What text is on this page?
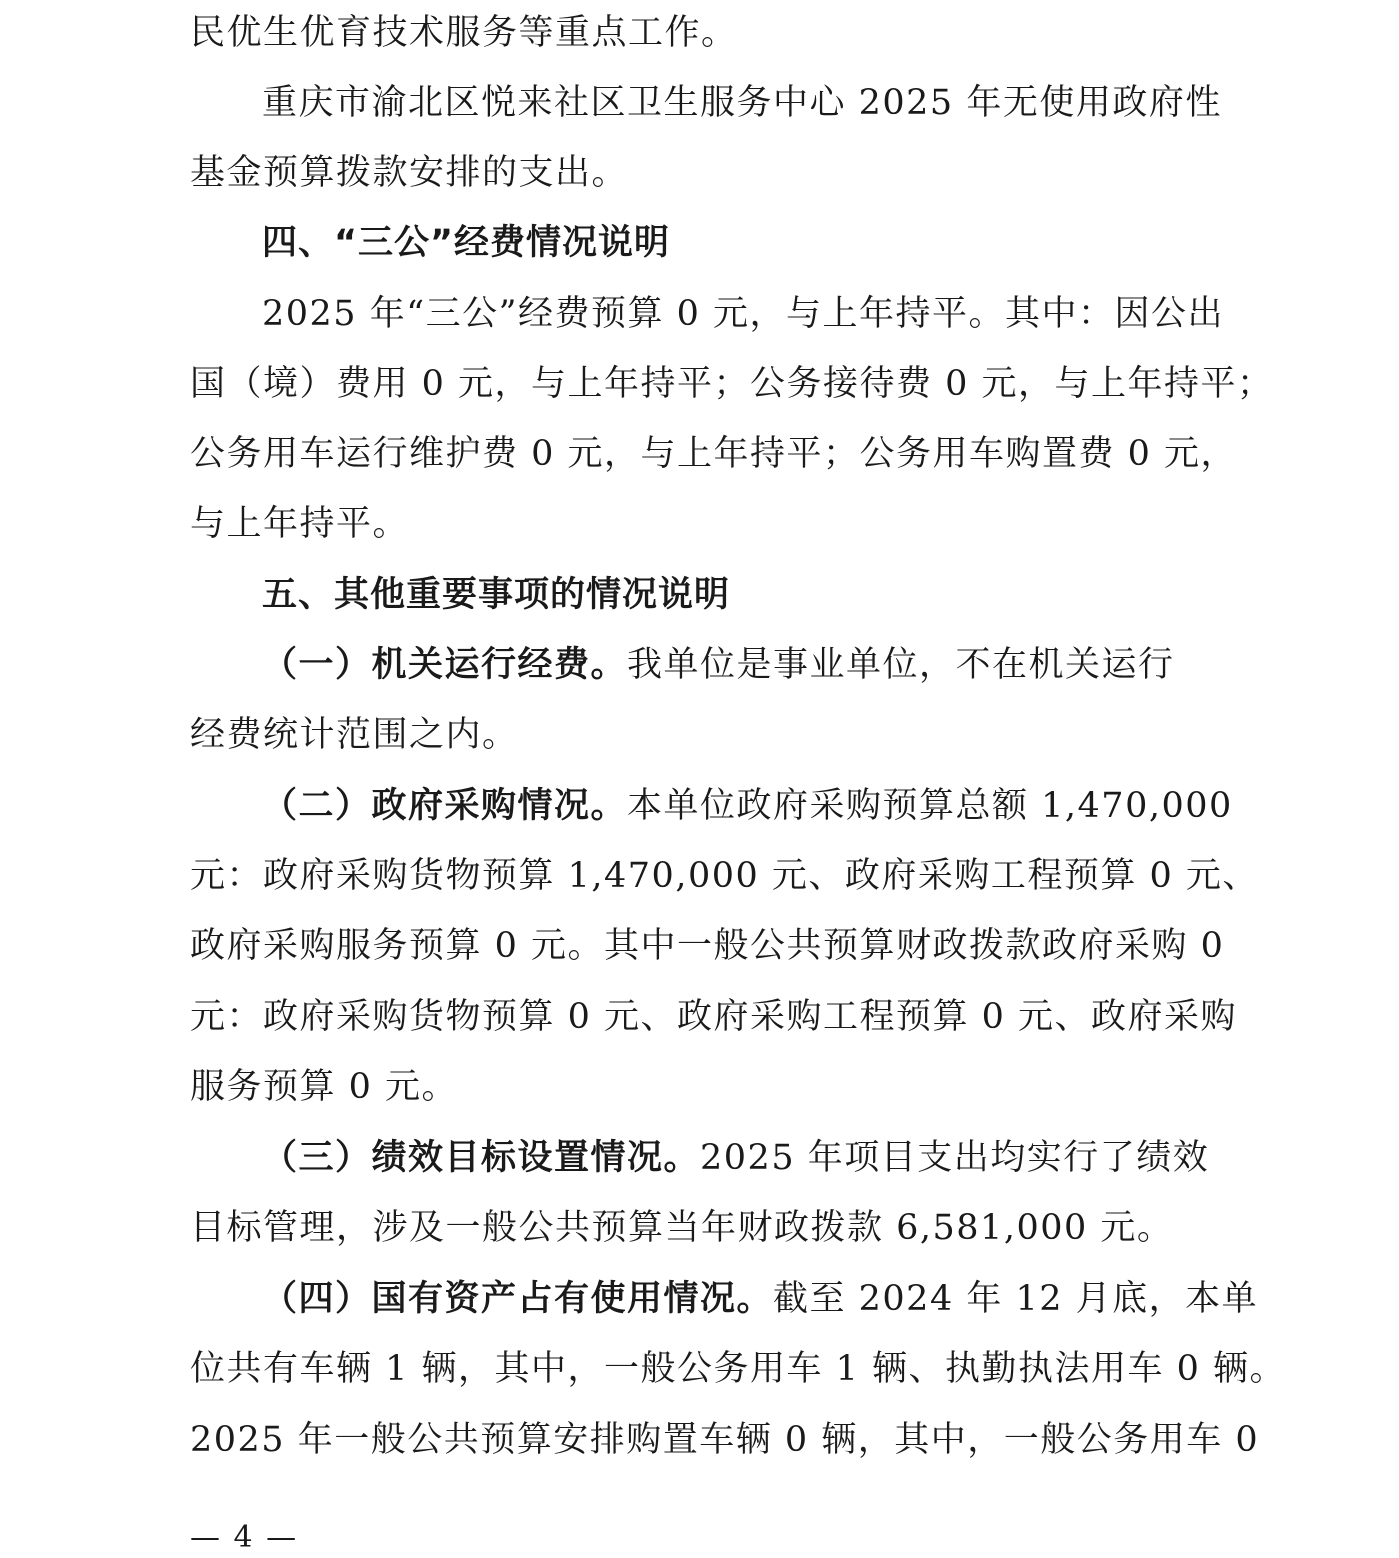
民优生优育技术服务等重点工作。
重庆市渝北区悦来社区卫生服务中心 2025 年无使用政府性
基金预算拨款安排的支出。
四、“三公”经费情况说明
2025 年“三公”经费预算 0 元，与上年持平。其中：因公出
国（境）费用 0 元，与上年持平；公务接待费 0 元，与上年持平；
公务用车运行维护费 0 元，与上年持平；公务用车购置费 0 元，
与上年持平。
五、其他重要事项的情况说明
（一）机关运行经费。我单位是事业单位，不在机关运行
经费统计范围之内。
（二）政府采购情况。本单位政府采购预算总额 1,470,000
元：政府采购货物预算 1,470,000 元、政府采购工程预算 0 元、
政府采购服务预算 0 元。其中一般公共预算财政拨款政府采购 0
元：政府采购货物预算 0 元、政府采购工程预算 0 元、政府采购
服务预算 0 元。
（三）绩效目标设置情况。2025 年项目支出均实行了绩效
目标管理，涉及一般公共预算当年财政拨款 6,581,000 元。
（四）国有资产占有使用情况。截至 2024 年 12 月底，本单
位共有车辆 1 辆，其中，一般公务用车 1 辆、执勤执法用车 0 辆。
2025 年一般公共预算安排购置车辆 0 辆，其中，一般公务用车 0
— 4 —
